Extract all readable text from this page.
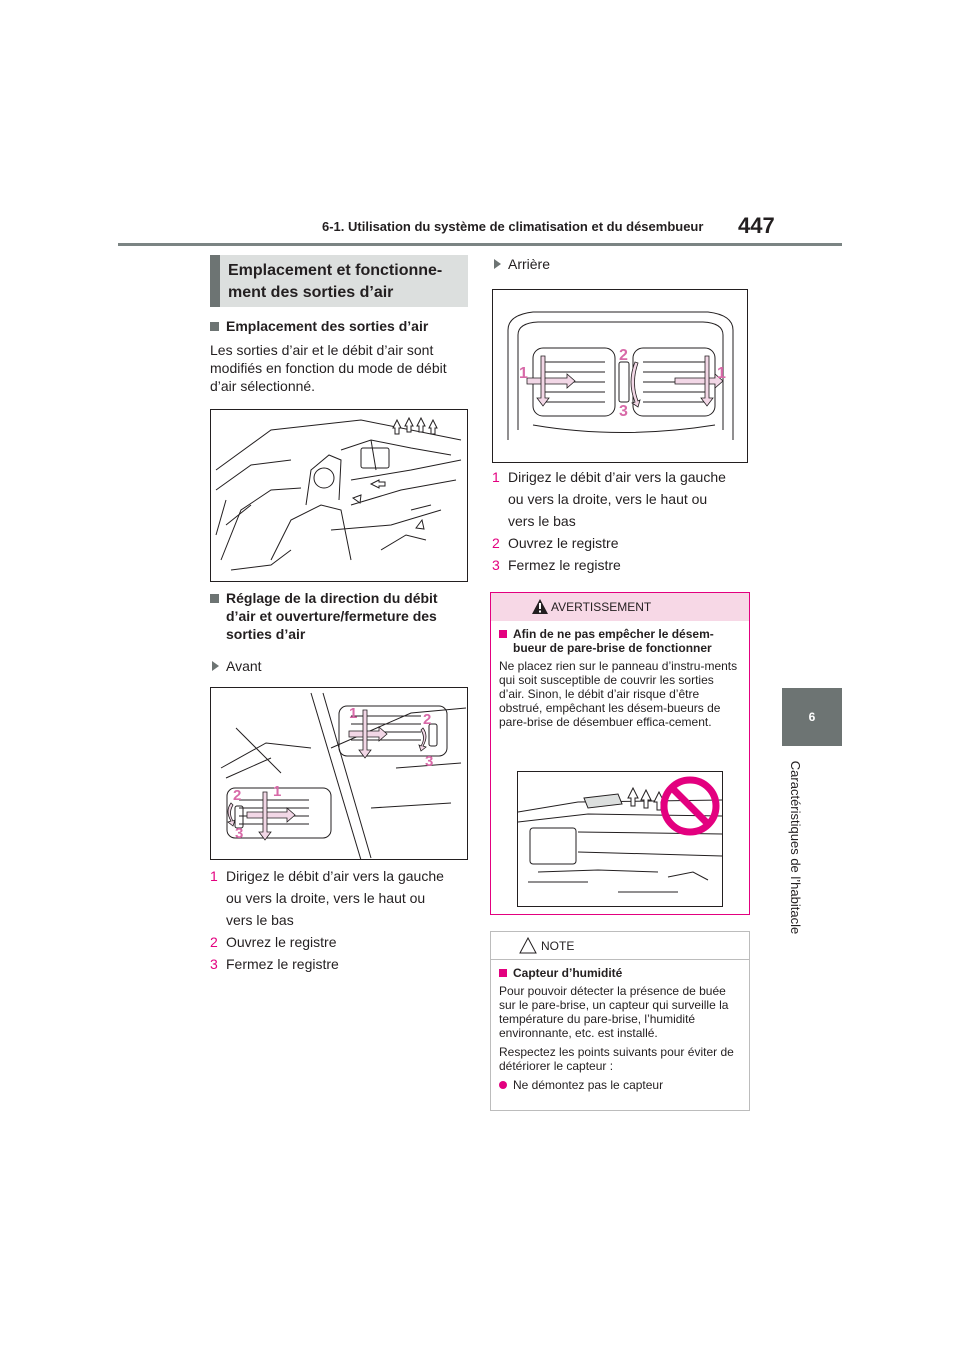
6-1. Utilisation du système de climatisation et du désembueur 447
6
Caractéristiques de l’habitacle
Emplacement et fonctionne-ment des sorties d’air
Emplacement des sorties d’air
Les sorties d’air et le débit d’air sont modifiés en fonction du mode de débit d’air sélectionné.
Réglage de la direction du débit d’air et ouverture/fermeture des sorties d’air
Avant
1	2
3
2 1
3
1 Dirigez le débit d’air vers la gauche
ou vers la droite, vers le haut ou
vers le bas
2 Ouvrez le registre
3 Fermez le registre
Arrière
1
2
3
1
1 Dirigez le débit d’air vers la gauche
ou vers la droite, vers le haut ou
vers le bas
2 Ouvrez le registre
3 Fermez le registre
AVERTISSEMENT
Afin de ne pas empêcher le désem-bueur de pare-brise de fonctionner
Ne placez rien sur le panneau d’instru-ments qui soit susceptible de couvrir les sorties d’air. Sinon, le débit d’air risque d’être obstrué, empêchant les désem-bueurs de pare-brise de désembuer effica-cement.
NOTE
Capteur d’humidité
Pour pouvoir détecter la présence de buée sur le pare-brise, un capteur qui surveille la température du pare-brise, l’humidité environnante, etc. est installé.
Respectez les points suivants pour éviter de détériorer le capteur :
Ne démontez pas le capteur
